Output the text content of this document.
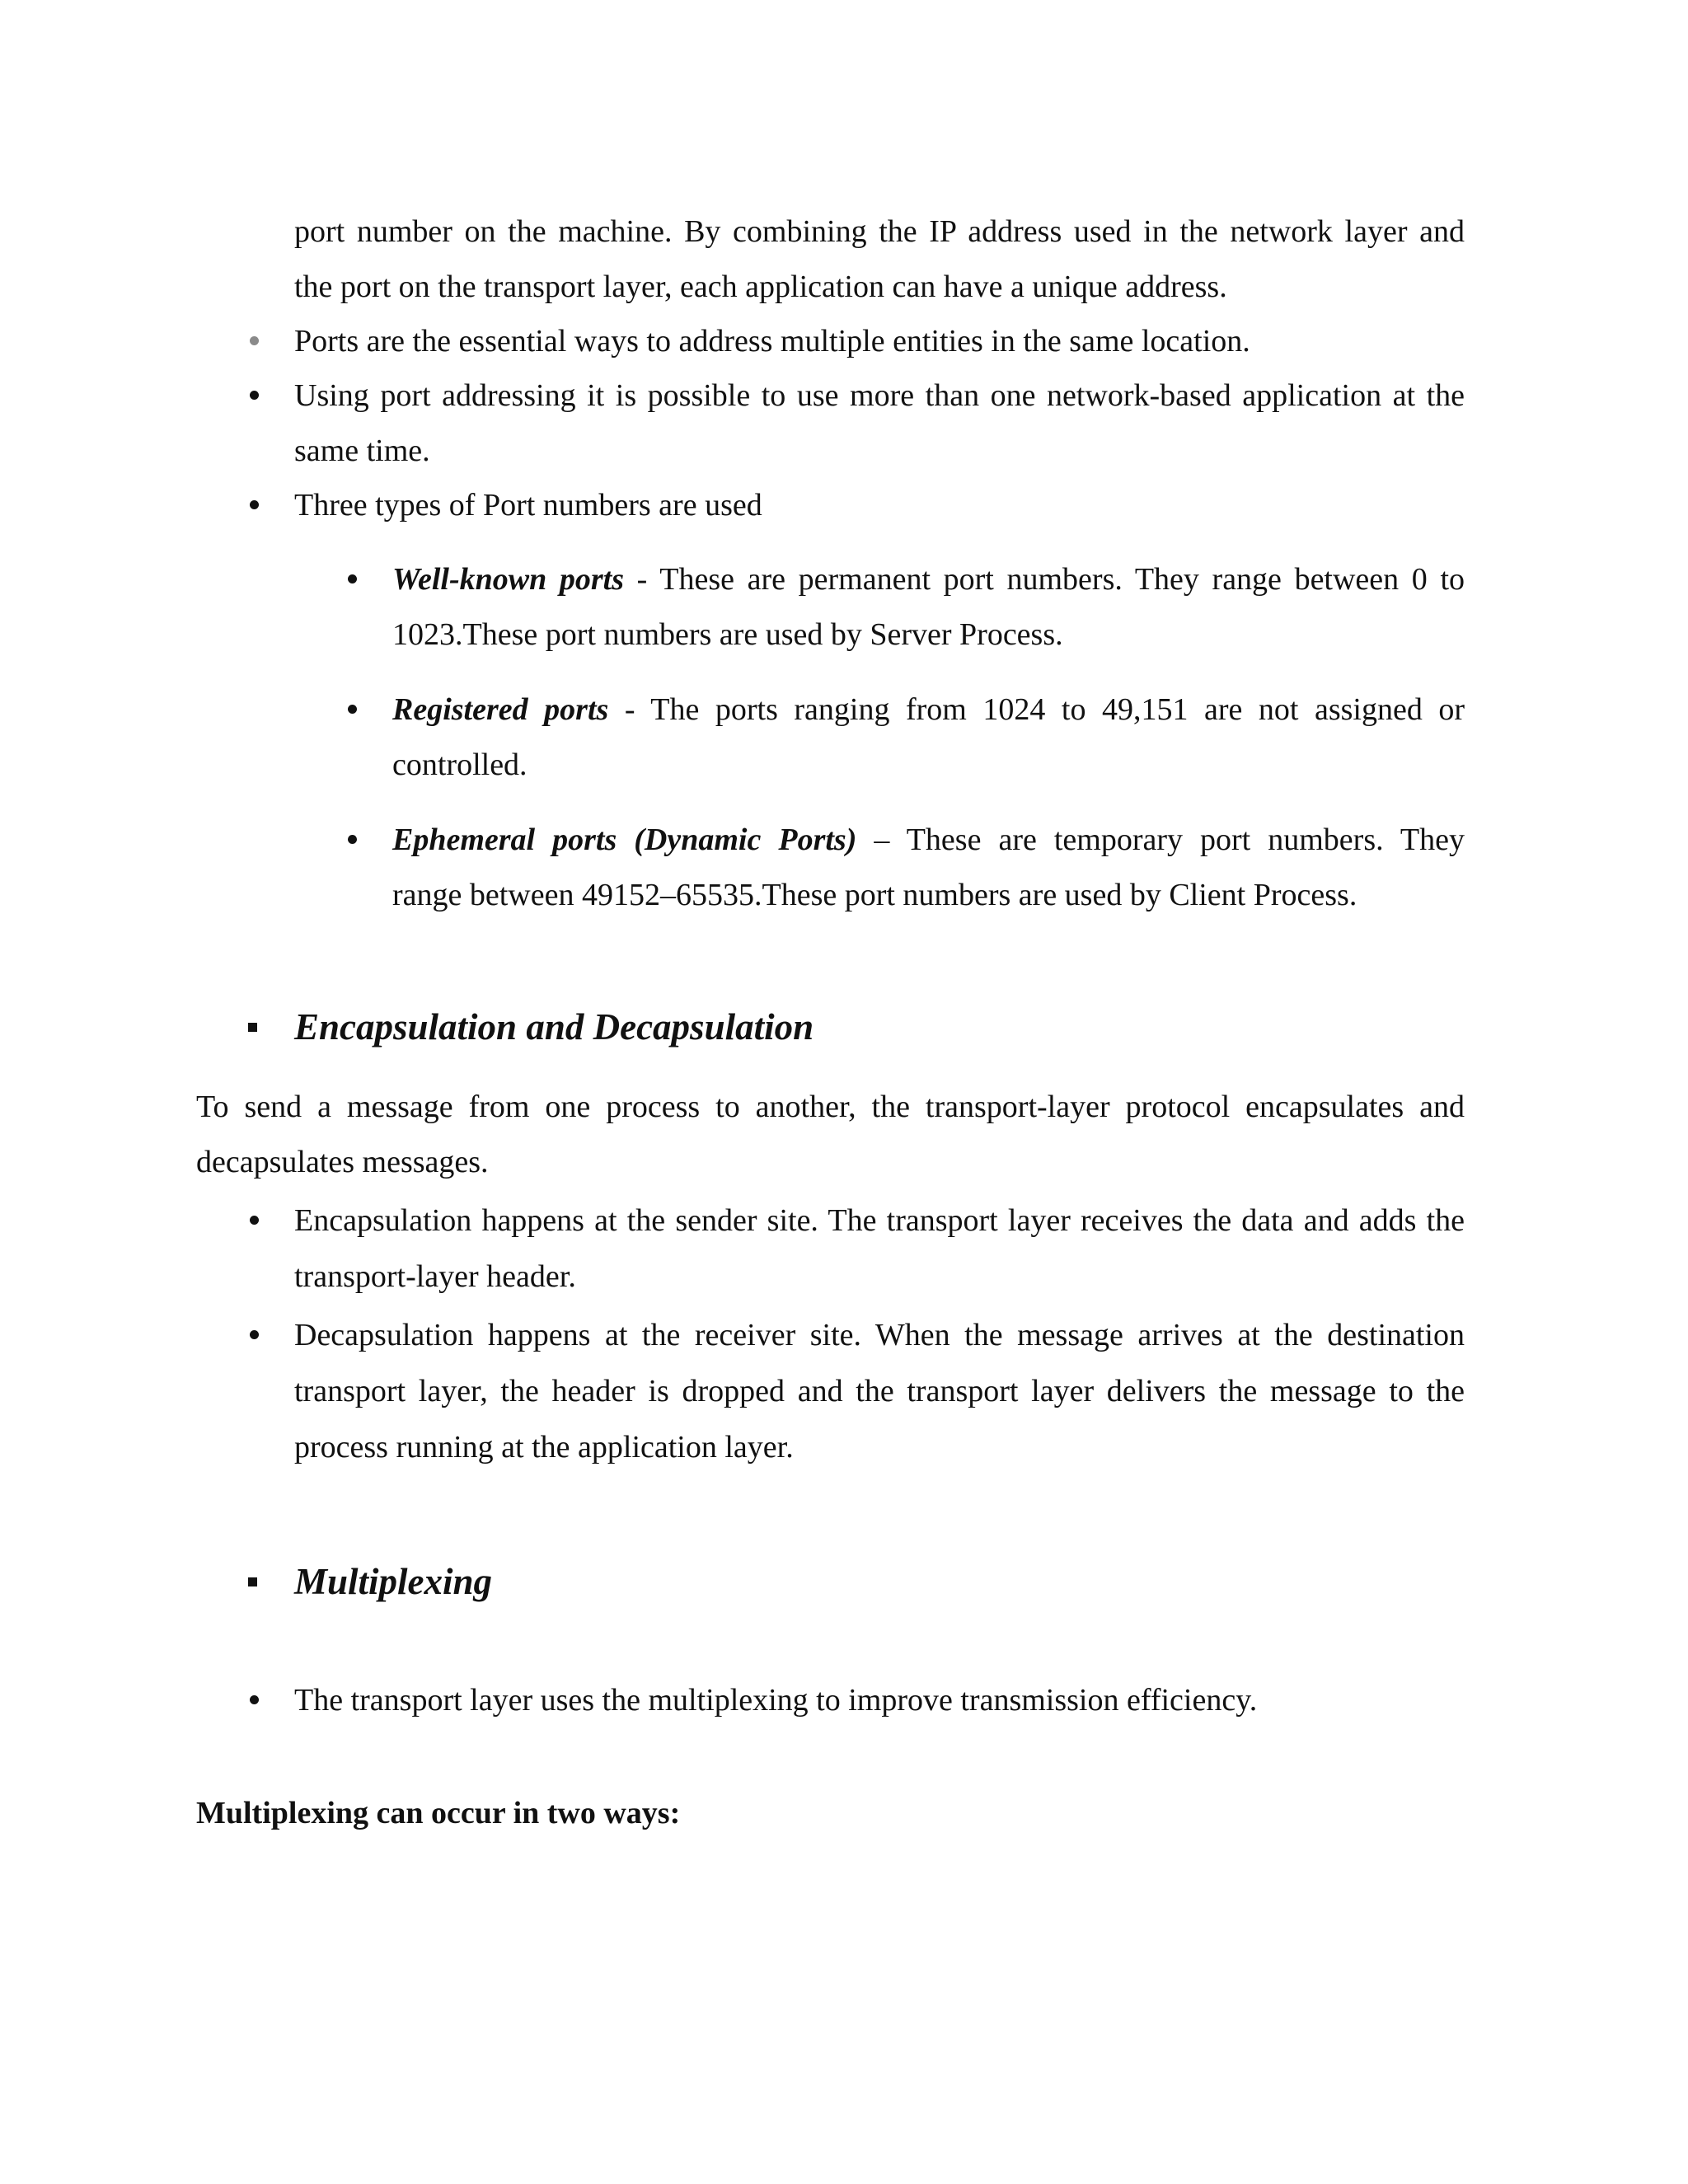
port number on the machine. By combining the IP address used in the network layer and
the port on the transport layer, each application can have a unique address.
Ports are the essential ways to address multiple entities in the same location.
Using port addressing it is possible to use more than one network-based application at the
same time.
Three types of Port numbers are used
Well-known ports - These are permanent port numbers. They range between 0 to
1023.These port numbers are used by Server Process.
Registered ports - The ports ranging from 1024 to 49,151 are not assigned or
controlled.
Ephemeral ports (Dynamic Ports) – These are temporary port numbers. They
range between 49152–65535.These port numbers are used by Client Process.
Encapsulation and Decapsulation
To send a message from one process to another, the transport-layer protocol encapsulates and
decapsulates messages.
Encapsulation happens at the sender site. The transport layer receives the data and adds the
transport-layer header.
Decapsulation happens at the receiver site. When the message arrives at the destination
transport layer, the header is dropped and the transport layer delivers the message to the
process running at the application layer.
Multiplexing
The transport layer uses the multiplexing to improve transmission efficiency.
Multiplexing can occur in two ways:
